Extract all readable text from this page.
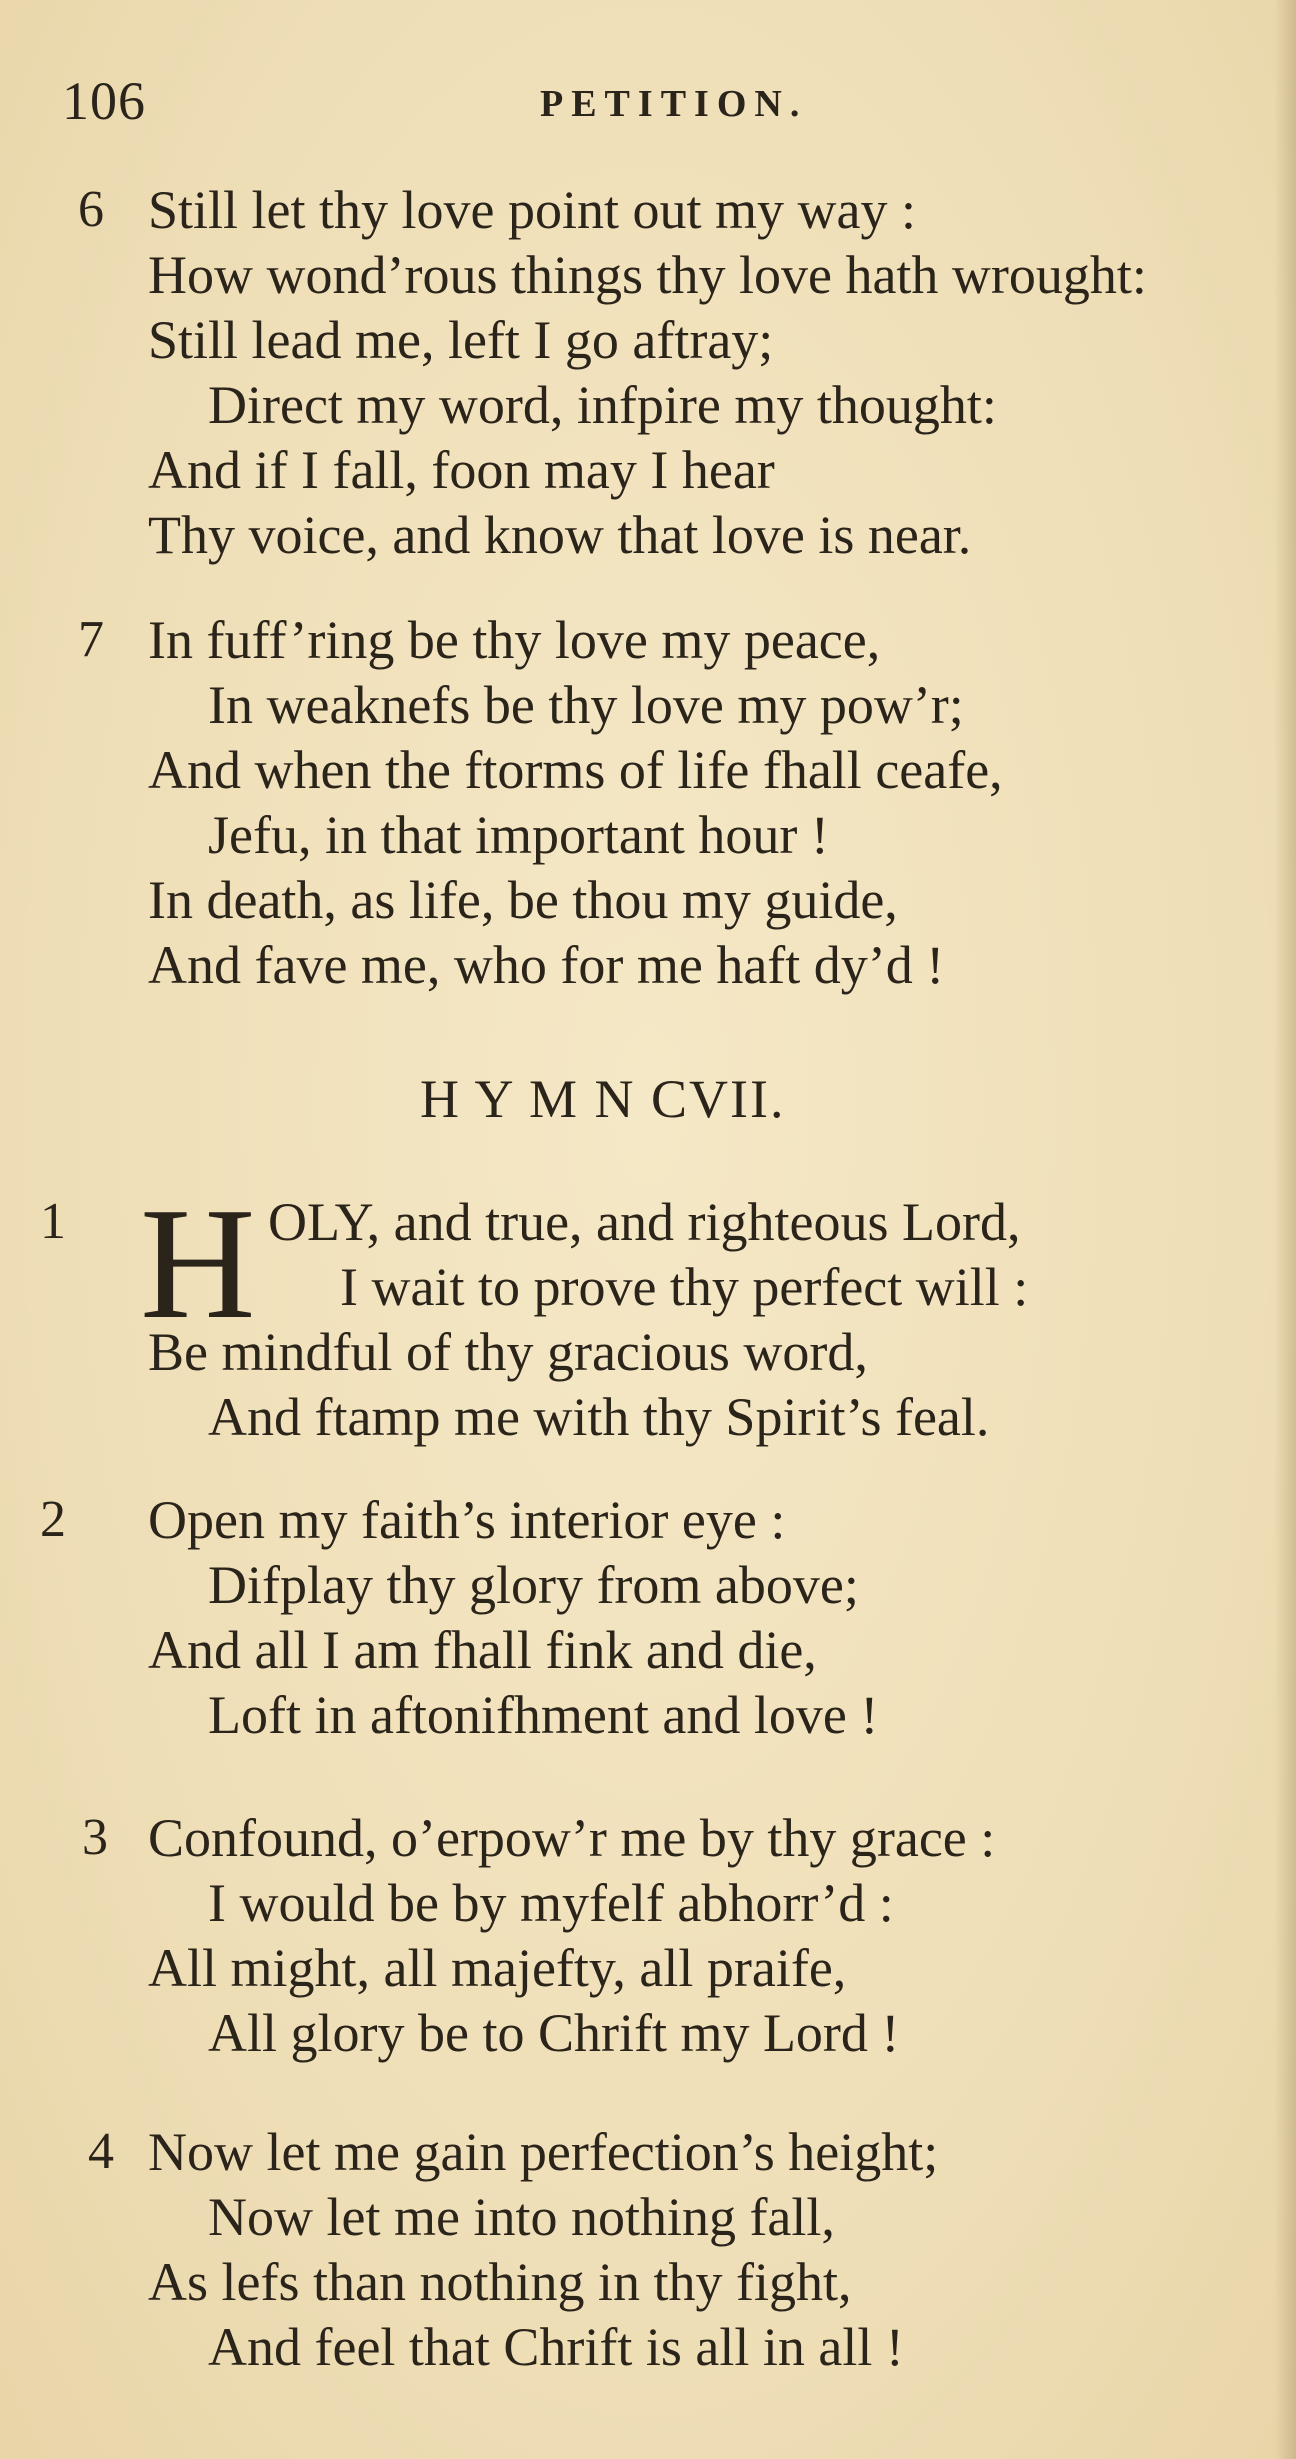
106	PETITION.
6 Still let thy love point out my way :
How wond’rous things thy love hath wrought:
Still lead me, left I go aftray;
Direct my word, infpire my thought:
And if I fall, foon may I hear
Thy voice, and know that love is near.
7 In fuff’ring be thy love my peace,
In weaknefs be thy love my pow’r;
And when the ftorms of life fhall ceafe,
Jefu, in that important hour !
In death, as life, be thou my guide,
And fave me, who for me haft dy’d !
H Y M N CVII.
1 H OLY, and true, and righteous Lord,
I wait to prove thy perfect will :
Be mindful of thy gracious word,
And ftamp me with thy Spirit’s feal.
2 Open my faith’s interior eye :
Difplay thy glory from above;
And all I am fhall fink and die,
Loft in aftonifhment and love !
3 Confound, o’erpow’r me by thy grace :
I would be by myfelf abhorr’d :
All might, all majefty, all praife,
All glory be to Chrift my Lord !
4 Now let me gain perfection’s height;
Now let me into nothing fall,
As lefs than nothing in thy fight,
And feel that Chrift is all in all !
